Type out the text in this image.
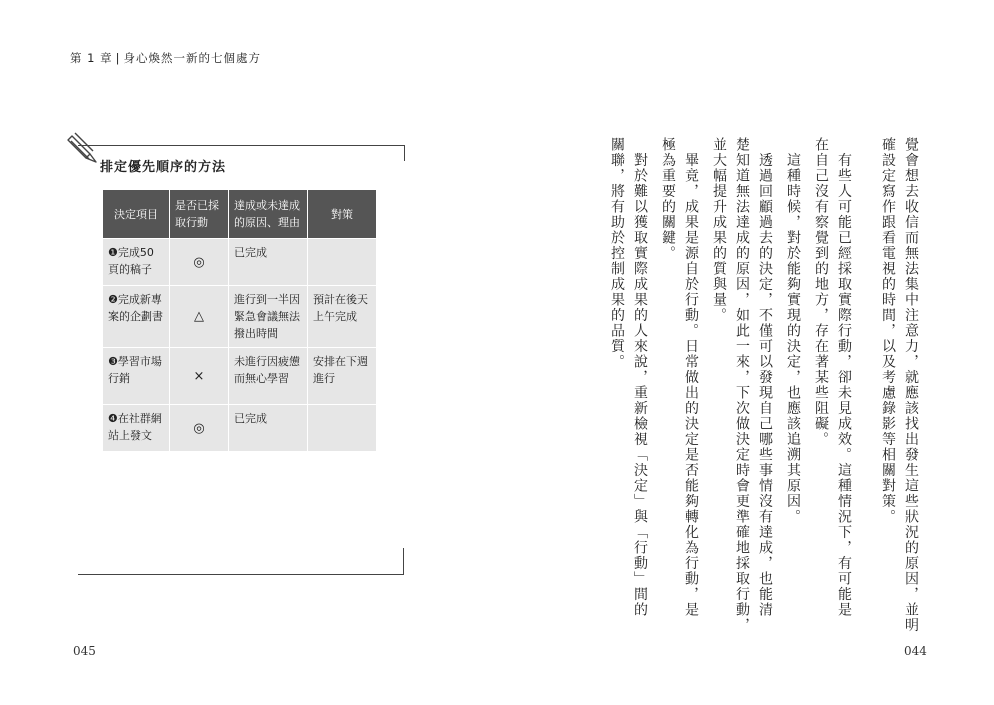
第 1 章 | 身心煥然一新的七個處方
排定優先順序的方法
決定項目	是否已採取行動	達成或未達成的原因、理由	對策
❶完成50頁的稿子	◎	已完成	
❷完成新專案的企劃書	△	進行到一半因緊急會議無法撥出時間	預計在後天上午完成
❸學習市場行銷	×	未進行因疲憊而無心學習	安排在下週進行
❹在社群網站上發文	◎	已完成	
045
覺會想去收信而無法集中注意力，就應該找出發生這些狀況的原因，並明
確設定寫作跟看電視的時間，以及考慮錄影等相關對策。
　有些人可能已經採取實際行動，卻未見成效。這種情況下，有可能是
在自己沒有察覺到的地方，存在著某些阻礙。
　這種時候，對於能夠實現的決定，也應該追溯其原因。
　透過回顧過去的決定，不僅可以發現自己哪些事情沒有達成，也能清
楚知道無法達成的原因，如此一來，下次做決定時會更準確地採取行動，
並大幅提升成果的質與量。
　畢竟，成果是源自於行動。日常做出的決定是否能夠轉化為行動，是
極為重要的關鍵。
　對於難以獲取實際成果的人來說，重新檢視「決定」與「行動」間的
關聯，將有助於控制成果的品質。
044
